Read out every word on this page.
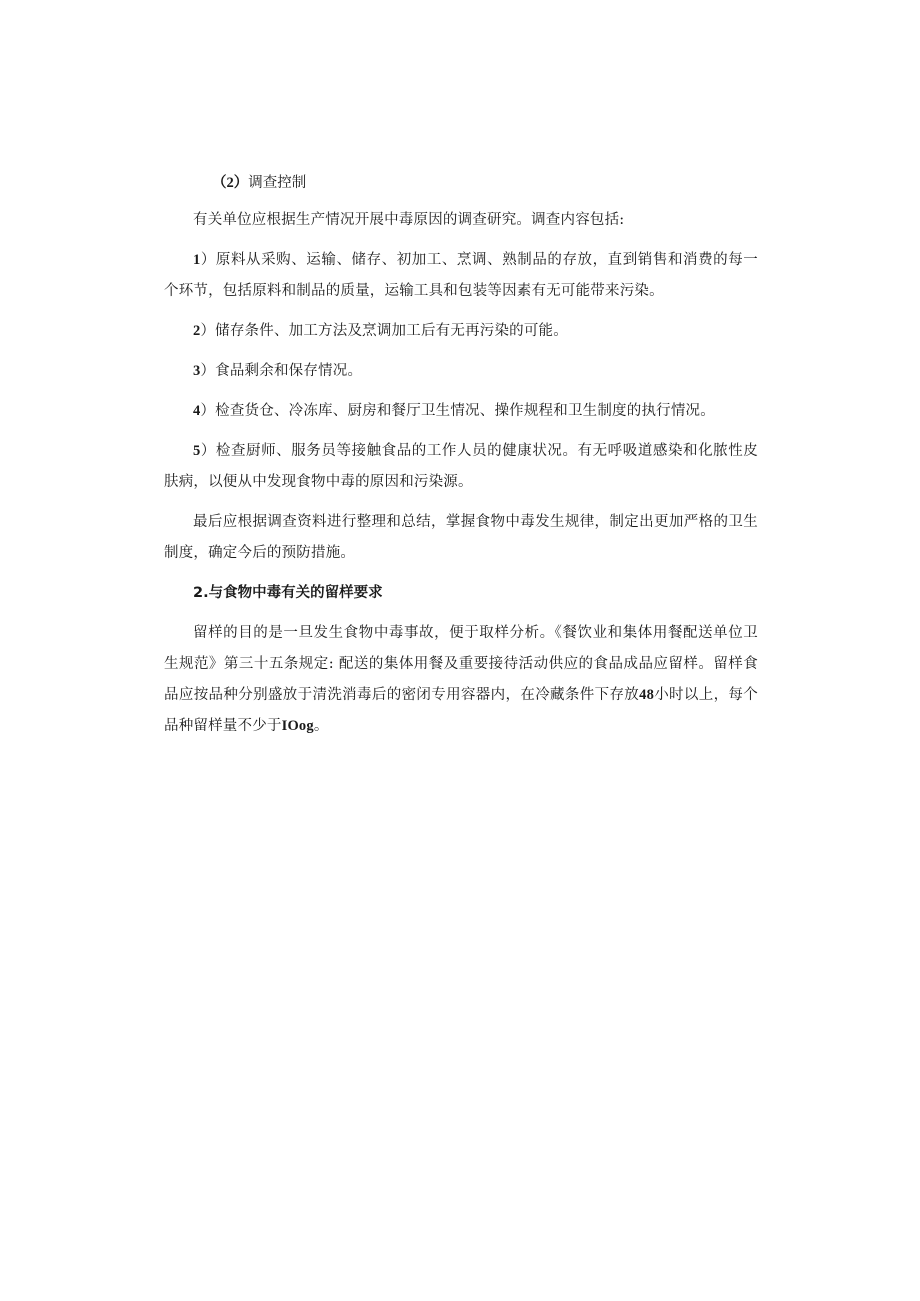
（2）调查控制

有关单位应根据生产情况开展中毒原因的调查研究。调查内容包括:

1）原料从采购、运输、储存、初加工、烹调、熟制品的存放，直到销售和消费的每一个环节，包括原料和制品的质量，运输工具和包装等因素有无可能带来污染。

2）储存条件、加工方法及烹调加工后有无再污染的可能。

3）食品剩余和保存情况。

4）检查货仓、冷冻库、厨房和餐厅卫生情况、操作规程和卫生制度的执行情况。

5）检查厨师、服务员等接触食品的工作人员的健康状况。有无呼吸道感染和化脓性皮肤病，以便从中发现食物中毒的原因和污染源。

最后应根据调查资料进行整理和总结，掌握食物中毒发生规律，制定出更加严格的卫生制度，确定今后的预防措施。

2.与食物中毒有关的留样要求

留样的目的是一旦发生食物中毒事故，便于取样分析。《餐饮业和集体用餐配送单位卫生规范》第三十五条规定: 配送的集体用餐及重要接待活动供应的食品成品应留样。留样食品应按品种分别盛放于清洗消毒后的密闭专用容器内，在冷藏条件下存放48小时以上，每个品种留样量不少于IOog。
